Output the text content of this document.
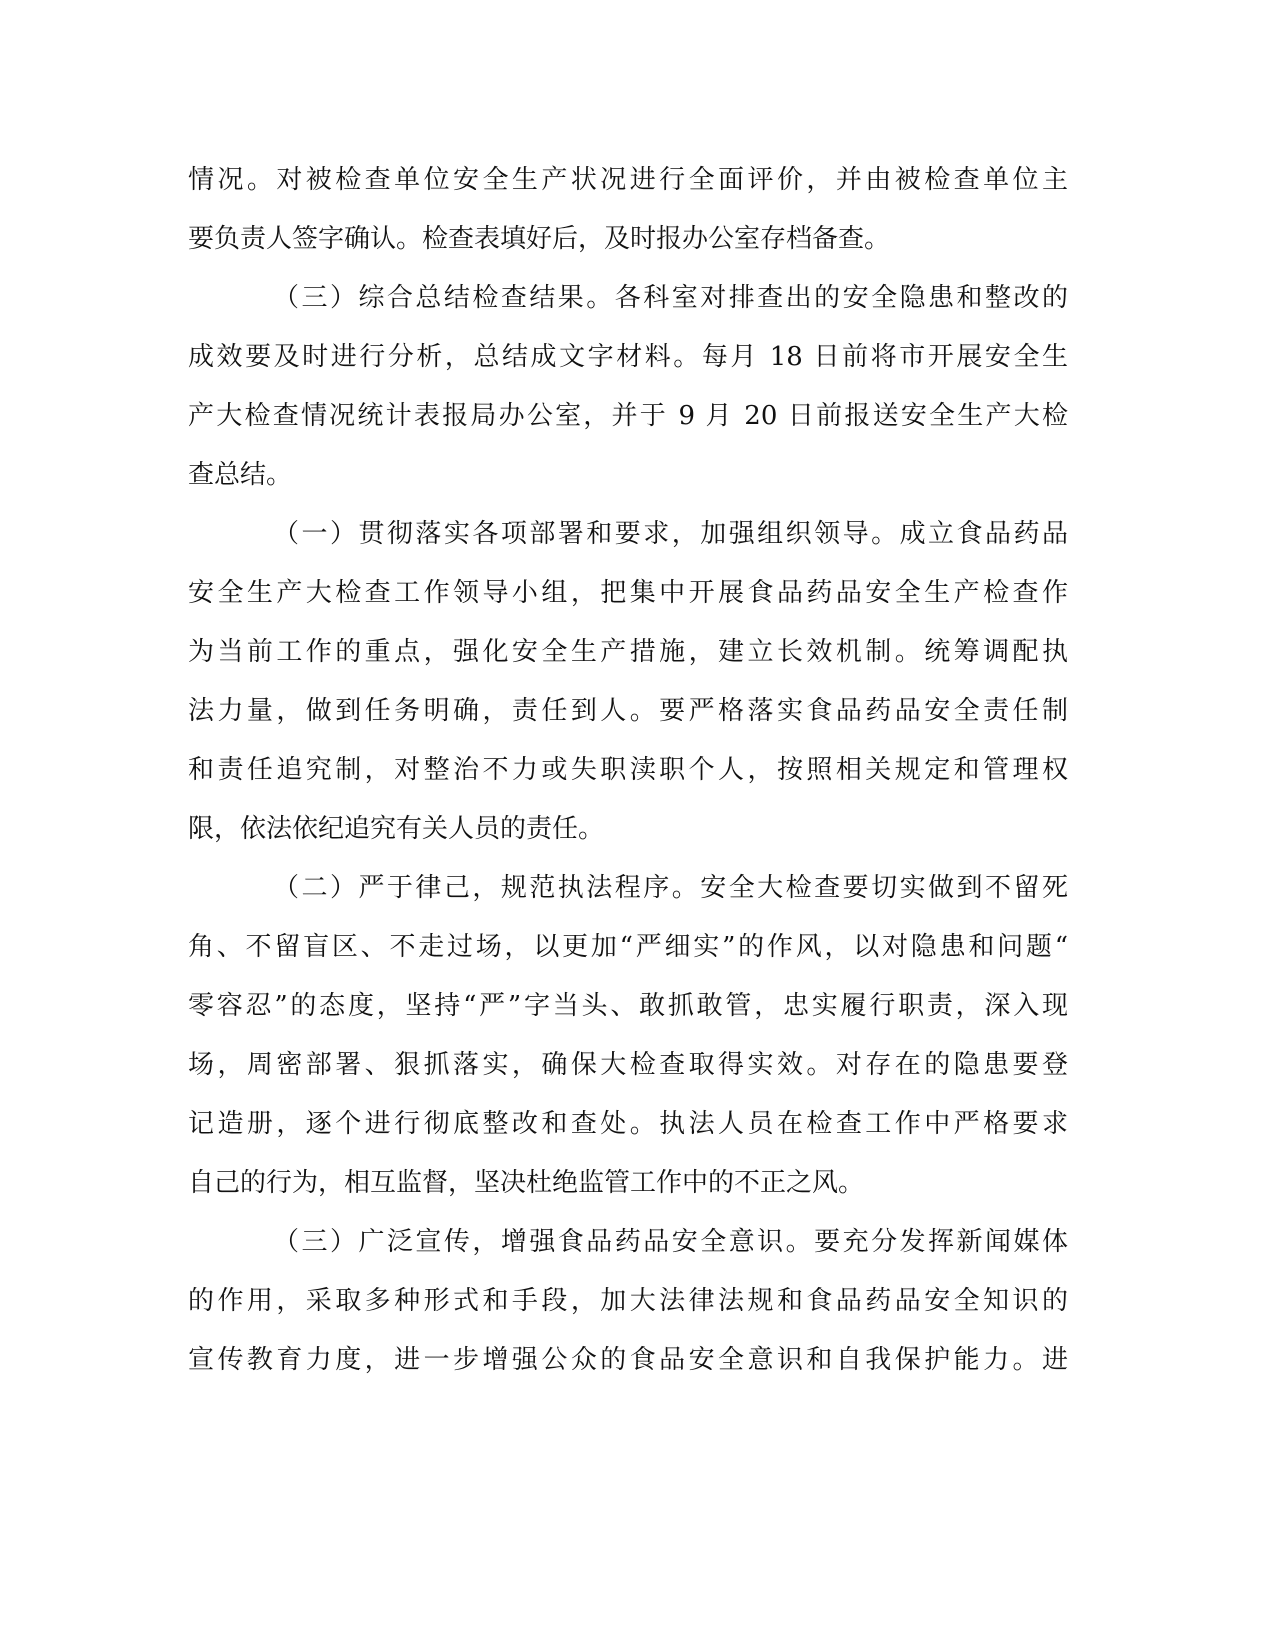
情况。对被检查单位安全生产状况进行全面评价，并由被检查单位主
要负责人签字确认。检查表填好后，及时报办公室存档备查。
（三）综合总结检查结果。各科室对排查出的安全隐患和整改的
成效要及时进行分析，总结成文字材料。每月 18 日前将市开展安全生
产大检查情况统计表报局办公室，并于 9 月 20 日前报送安全生产大检
查总结。
（一）贯彻落实各项部署和要求，加强组织领导。成立食品药品
安全生产大检查工作领导小组，把集中开展食品药品安全生产检查作
为当前工作的重点，强化安全生产措施，建立长效机制。统筹调配执
法力量，做到任务明确，责任到人。要严格落实食品药品安全责任制
和责任追究制，对整治不力或失职渎职个人，按照相关规定和管理权
限，依法依纪追究有关人员的责任。
（二）严于律己，规范执法程序。安全大检查要切实做到不留死
角、不留盲区、不走过场，以更加“严细实”的作风，以对隐患和问题“
零容忍”的态度，坚持“严”字当头、敢抓敢管，忠实履行职责，深入现
场，周密部署、狠抓落实，确保大检查取得实效。对存在的隐患要登
记造册，逐个进行彻底整改和查处。执法人员在检查工作中严格要求
自己的行为，相互监督，坚决杜绝监管工作中的不正之风。
（三）广泛宣传，增强食品药品安全意识。要充分发挥新闻媒体
的作用，采取多种形式和手段，加大法律法规和食品药品安全知识的
宣传教育力度，进一步增强公众的食品安全意识和自我保护能力。进
